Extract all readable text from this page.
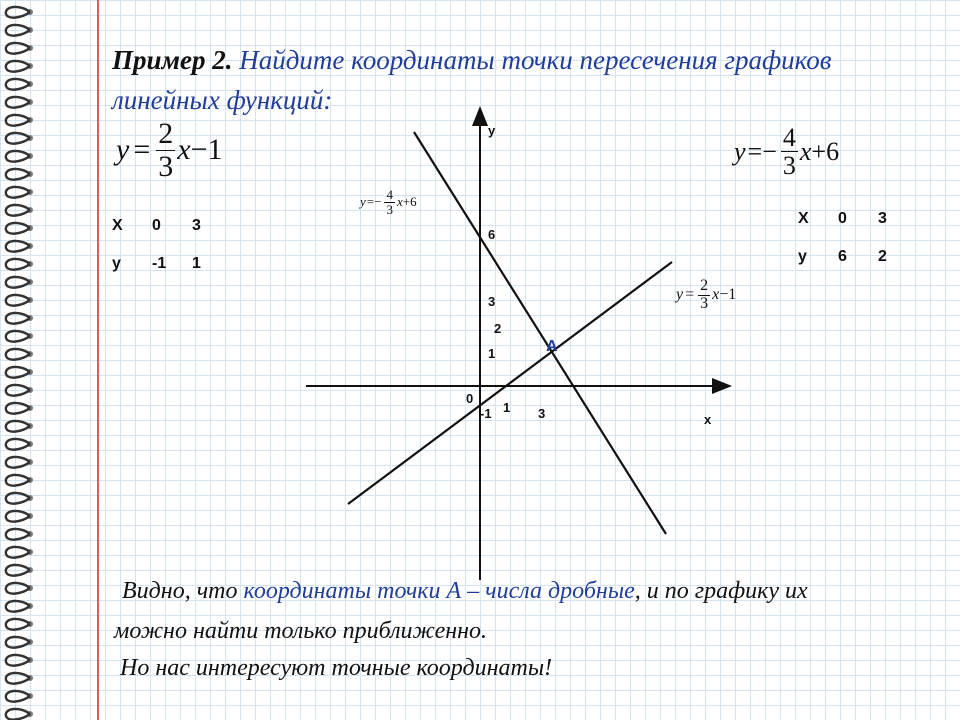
Пример 2. Найдите координаты точки пересечения графиков линейных функций:
$y = \frac{2}{3}$ x −1	$y =- \frac{4}{3}$ x +6
X	0	3
y	-1	1
X	0	3
y	6	2
y
x
0
6
3
2
1
-1 1 3
A
$y =- \frac{4}{3}$ x +6
$y = \frac{2}{3}$ x −1
Видно, что координаты точки А – числа дробные, и по графику их
можно найти только приближенно.
Но нас интересуют точные координаты!
